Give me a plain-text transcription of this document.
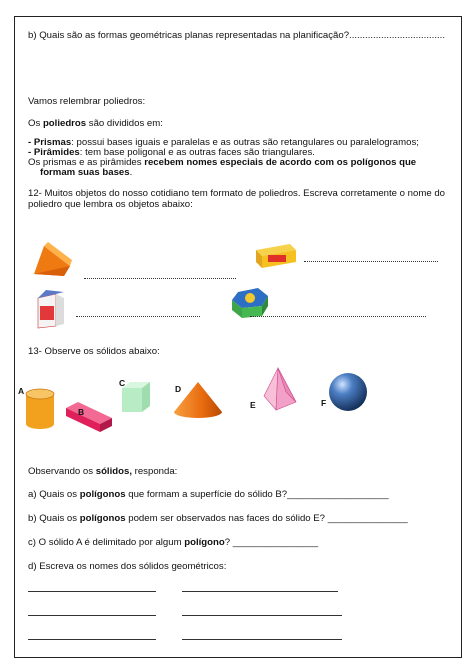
b) Quais são as formas geométricas planas representadas na planificação?....................................
Vamos relembrar poliedros:
Os poliedros são divididos em:
- Prismas: possui bases iguais e paralelas e as outras são retangulares ou paralelogramos;
- Pirâmides: tem base poligonal e as outras faces são triangulares.
Os prismas e as pirâmides recebem nomes especiais de acordo com os polígonos que
formam suas bases.
12- Muitos objetos do nosso cotidiano tem formato de poliedros. Escreva corretamente o nome do
poliedro que lembra os objetos abaixo:
13- Observe os sólidos abaixo:
A
B
C
D
E	F
Observando os sólidos, responda:
a) Quais os polígonos que formam a superfície do sólido B?___________________
b) Quais os polígonos podem ser observados nas faces do sólido E? _______________
c) O sólido A é delimitado por algum polígono? ________________
d) Escreva os nomes dos sólidos geométricos:
